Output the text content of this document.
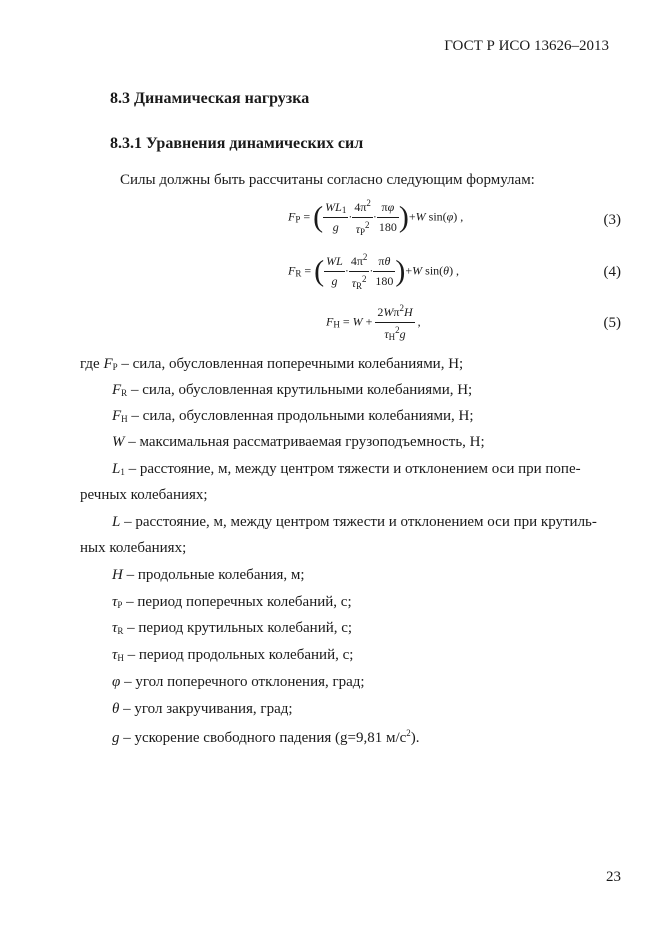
ГОСТ Р ИСО 13626–2013
8.3 Динамическая нагрузка
8.3.1 Уравнения динамических сил
Силы должны быть рассчитаны согласно следующим формулам:
$F_P$ = ( $\frac{WL_1}{g} \cdot \frac{4\pi^2}{\tau_P^2} \cdot \frac{\pi\varphi}{180} )+W$ sin(φ) ,	(3)
$F_R$ = ( $\frac{WL}{g} \cdot \frac{4\pi^2}{\tau_R^2} \cdot \frac{\pi\theta}{180} )+W$ sin(θ) ,	(4)
$F_H = W + \frac{2W\pi^2H}{\tau_H^2g}$ ,	(5)
где $F_P$ – сила, обусловленная поперечными колебаниями, Н;
$F_R$ – сила, обусловленная крутильными колебаниями, Н;
$F_H$ – сила, обусловленная продольными колебаниями, Н;
W – максимальная рассматриваемая грузоподъемность, Н;
$L_1$ – расстояние, м, между центром тяжести и отклонением оси при попе-
речных колебаниях;
L – расстояние, м, между центром тяжести и отклонением оси при крутиль-
ных колебаниях;
H – продольные колебания, м;
$\tau_P$ – период поперечных колебаний, с;
$\tau_R$ – период крутильных колебаний, с;
$\tau_H$ – период продольных колебаний, с;
φ – угол поперечного отклонения, град;
θ – угол закручивания, град;
g – ускорение свободного падения (g=9,81 $м/с^2$).
23
